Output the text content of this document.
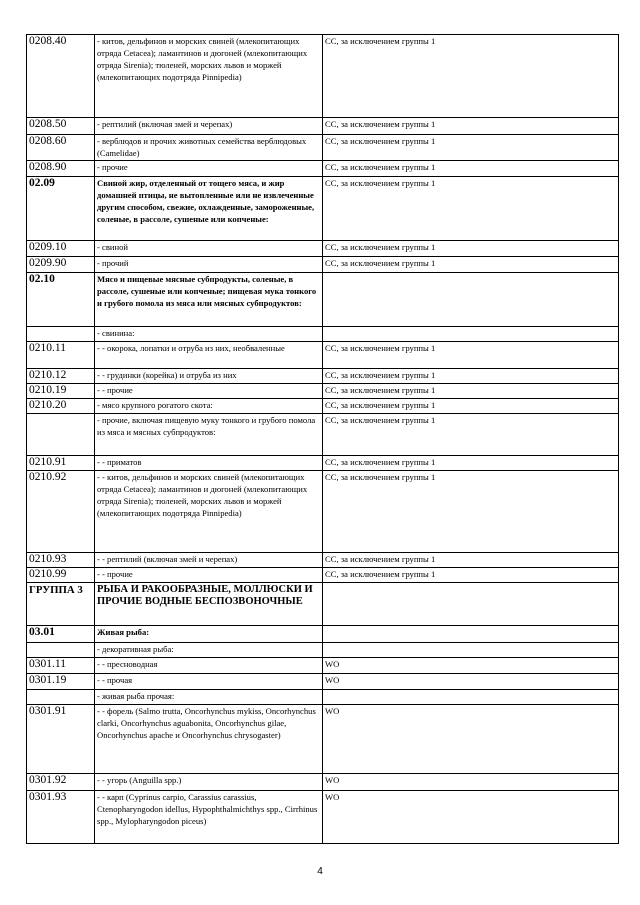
0208.40	- китов, дельфинов и морских свиней (млекопитающих отряда Cetacea); ламантинов и дюгоней (млекопитающих отряда Sirenia); тюленей, морских львов и моржей (млекопитающих подотряда Pinnipedia)	СС, за исключением группы 1
0208.50	- рептилий (включая змей и черепах)	СС, за исключением группы 1
0208.60	- верблюдов и прочих животных семейства верблюдовых (Camelidae)	СС, за исключением группы 1
0208.90	- прочие	СС, за исключением группы 1
02.09	Свиной жир, отделенный от тощего мяса, и жир домашней птицы, не вытопленные или не извлеченные другим способом, свежие, охлажденные, замороженные, соленые, в рассоле, сушеные или копченые:	СС, за исключением группы 1
0209.10	- свиной	СС, за исключением группы 1
0209.90	- прочий	СС, за исключением группы 1
02.10	Мясо и пищевые мясные субпродукты, соленые, в рассоле, сушеные или копченые; пищевая мука тонкого и грубого помола из мяса или мясных субпродуктов:	
	- свинина:	
0210.11	- - окорока, лопатки и отруба из них, необваленные	СС, за исключением группы 1
0210.12	- - грудинки (корейка) и отруба из них	СС, за исключением группы 1
0210.19	- - прочие	СС, за исключением группы 1
0210.20	- мясо крупного рогатого скота:	СС, за исключением группы 1
	- прочие, включая пищевую муку тонкого и грубого помола из мяса и мясных субпродуктов:	СС, за исключением группы 1
0210.91	- - приматов	СС, за исключением группы 1
0210.92	- - китов, дельфинов и морских свиней (млекопитающих отряда Cetacea); ламантинов и дюгоней (млекопитающих отряда Sirenia); тюленей, морских львов и моржей (млекопитающих подотряда Pinnipedia)	СС, за исключением группы 1
0210.93	- - рептилий (включая змей и черепах)	СС, за исключением группы 1
0210.99	- - прочие	СС, за исключением группы 1
ГРУППА 3	РЫБА И РАКООБРАЗНЫЕ, МОЛЛЮСКИ И ПРОЧИЕ ВОДНЫЕ БЕСПОЗВОНОЧНЫЕ	
03.01	Живая рыба:	
	- декоративная рыба:	
0301.11	- - пресноводная	WO
0301.19	- - прочая	WO
	- живая рыба прочая:	
0301.91	- - форель (Salmo trutta, Oncorhynchus mykiss, Oncorhynchus clarki, Oncorhynchus aguabonita, Oncorhynchus gilae, Oncorhynchus apache и Oncorhynchus chrysogaster)	WO
0301.92	- - угорь (Anguilla spp.)	WO
0301.93	- - карп (Cyprinus carpio, Carassius carassius, Ctenopharyngodon idellus, Hypophthalmichthys spp., Cirrhinus spp., Mylopharyngodon piceus)	WO
4
